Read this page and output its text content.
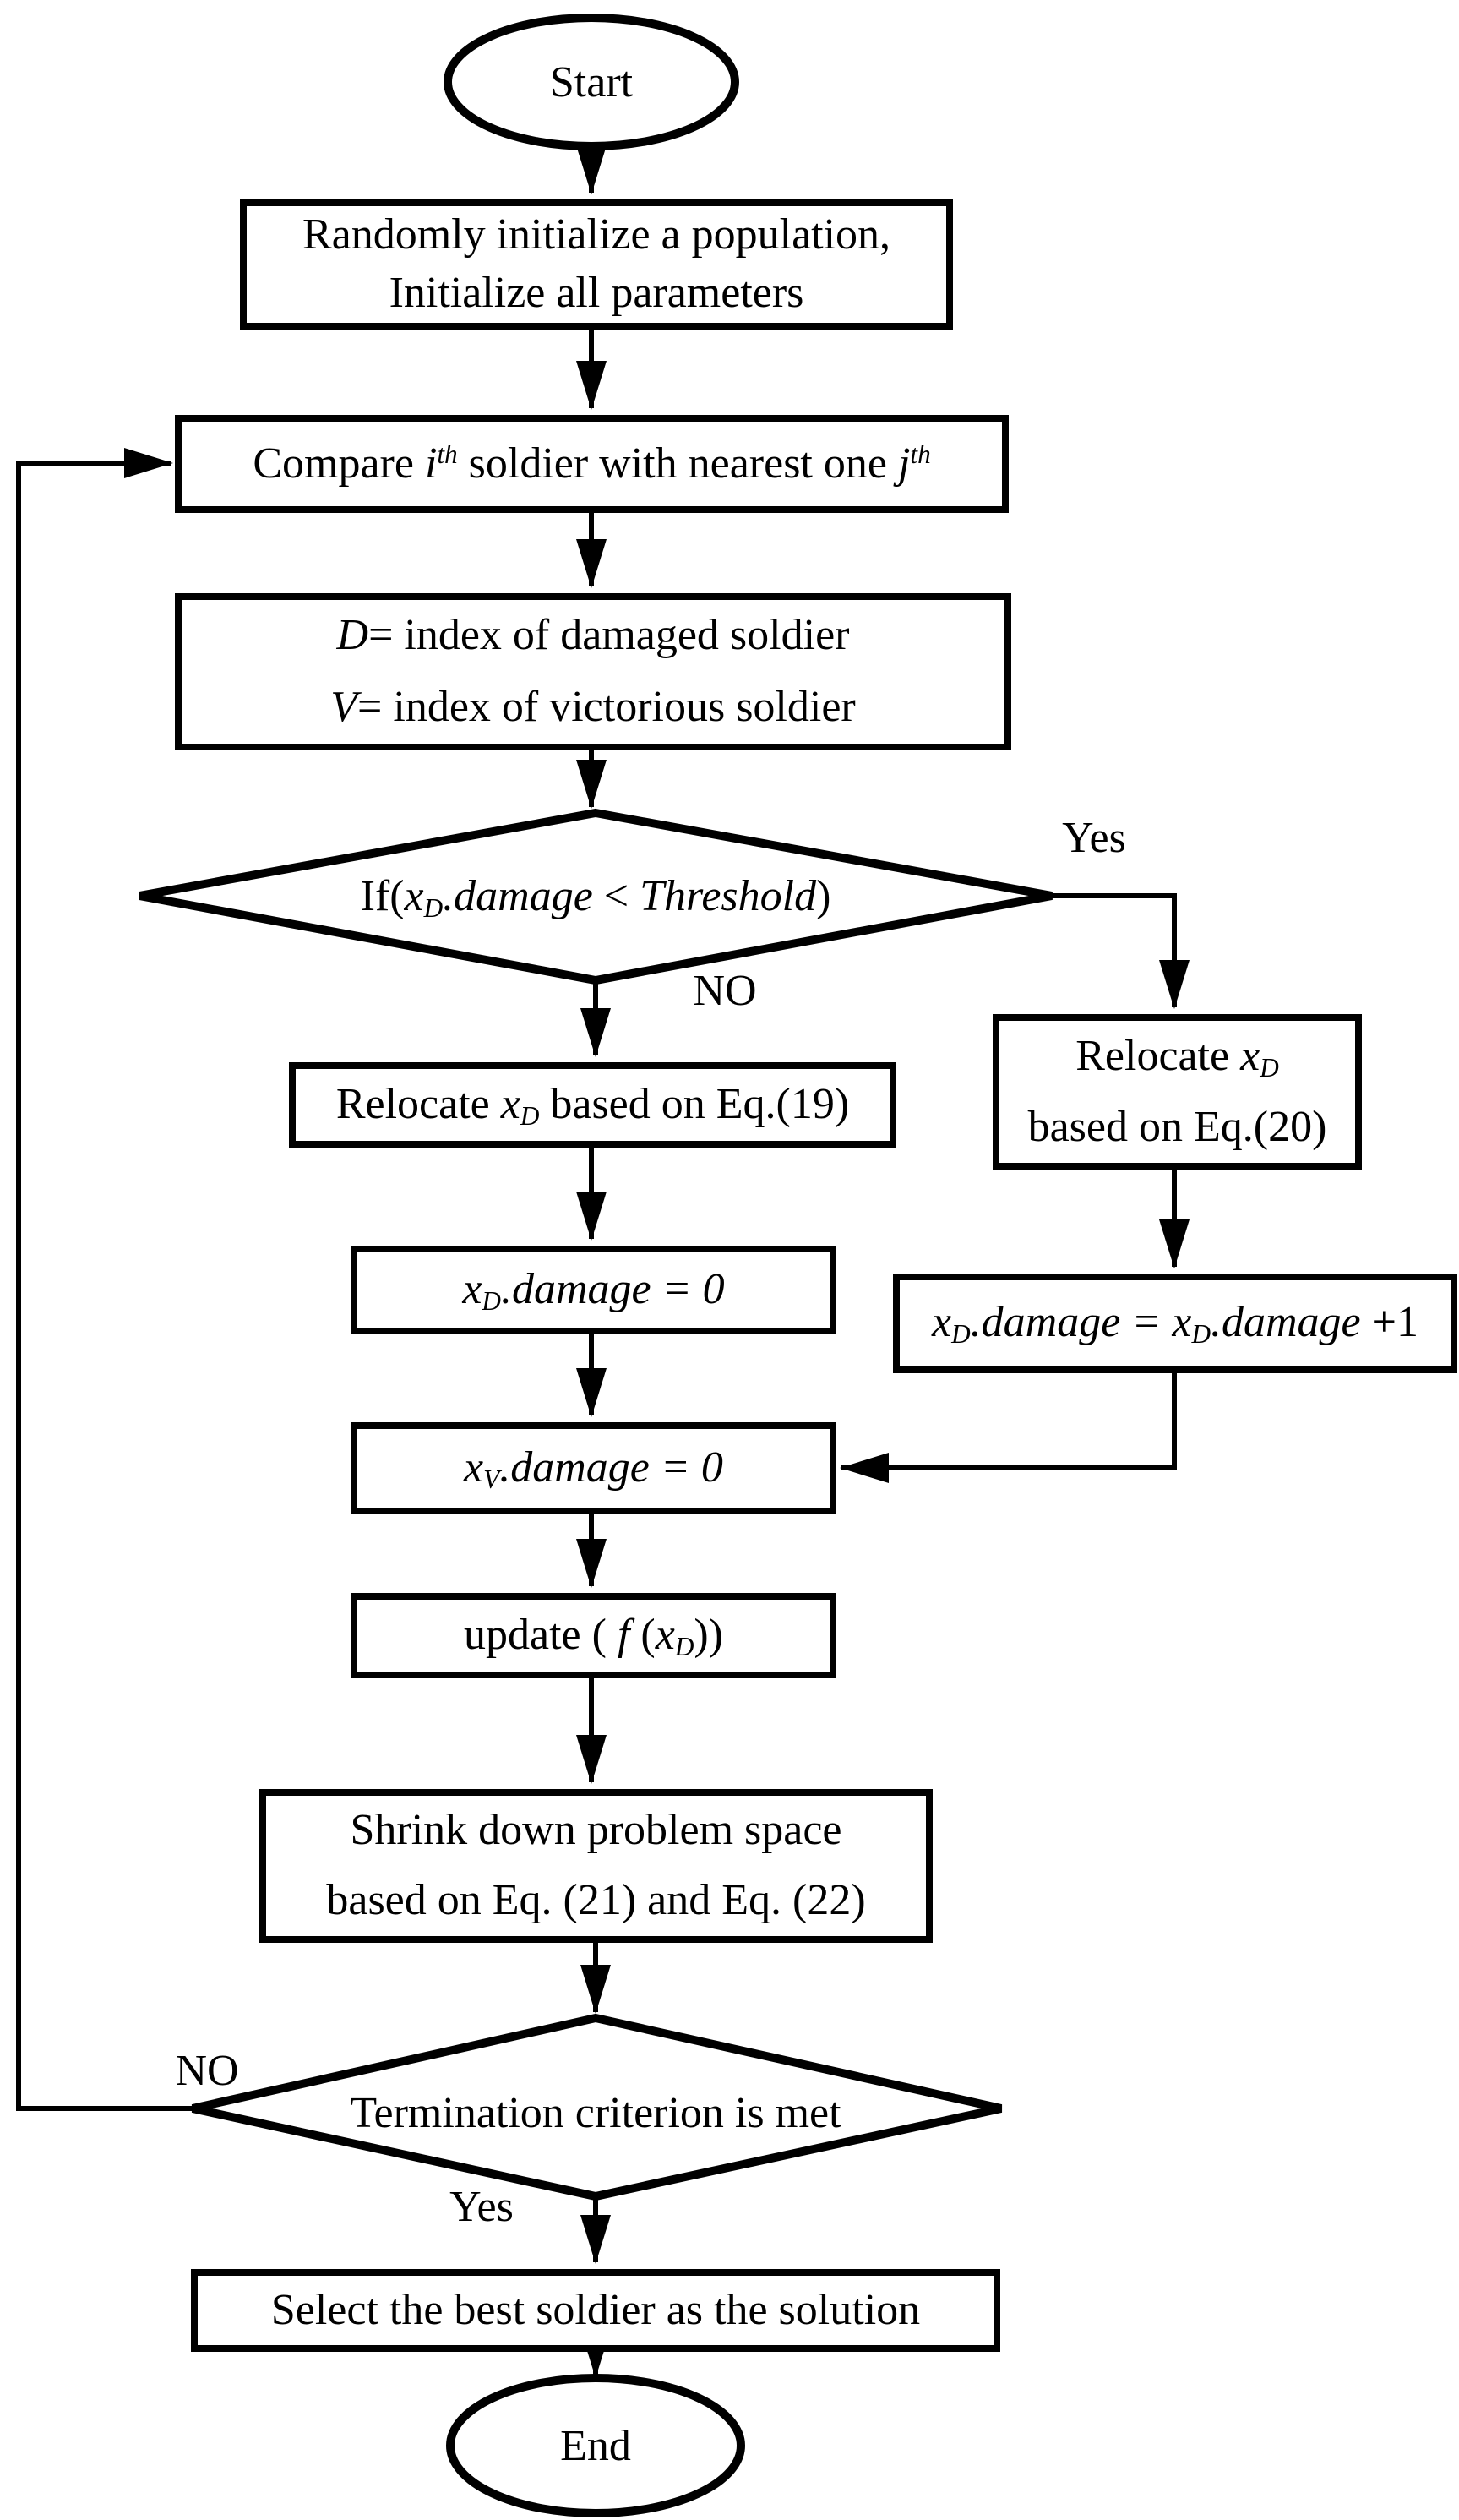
Randomly initialize a population,
Initialize all parameters
Compare $i^{th}$ soldier with nearest one $j^{th}$
D= index of damaged soldier
V= index of victorious soldier
Relocate xD based on Eq.(19)
Relocate xD
based on Eq.(20)
xD.damage = 0
xD.damage = xD.damage +1
xV.damage = 0
update ( f (xD))
Shrink down problem space
based on Eq. (21) and Eq. (22)
Select the best soldier as the solution
Start
If(xD.damage < Threshold)
Termination criterion is met
End
Yes
NO
NO
Yes
